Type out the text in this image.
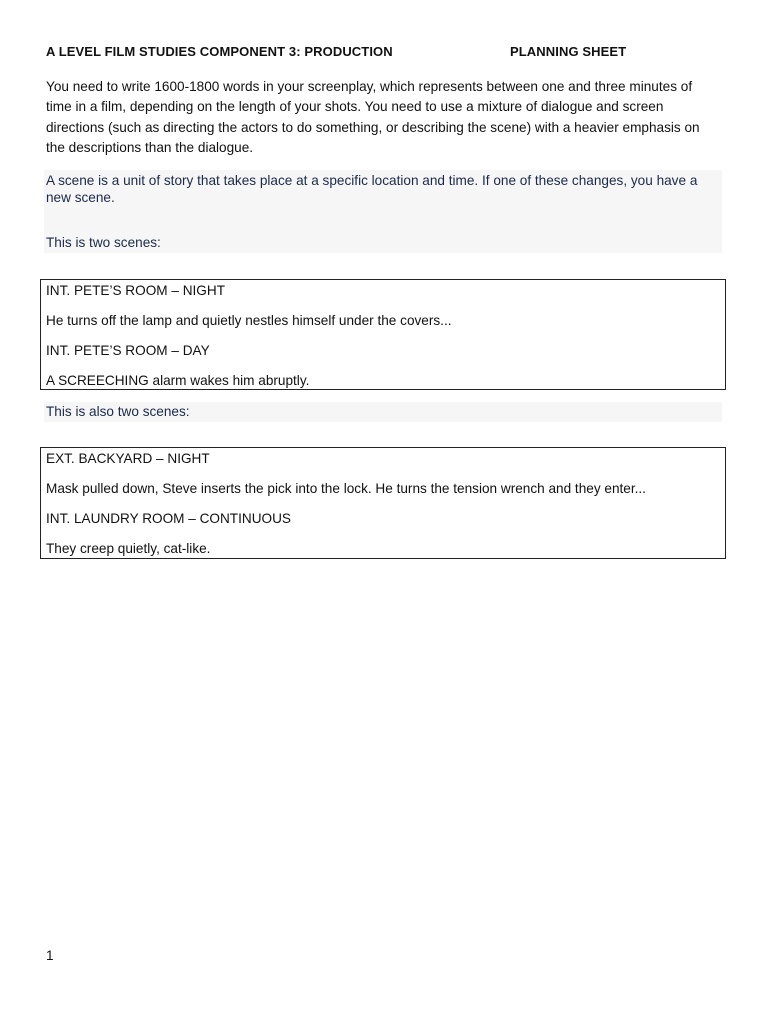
A LEVEL FILM STUDIES COMPONENT 3: PRODUCTION	PLANNING SHEET

You need to write 1600-1800 words in your screenplay, which represents between one and three minutes of time in a film, depending on the length of your shots. You need to use a mixture of dialogue and screen directions (such as directing the actors to do something, or describing the scene) with a heavier emphasis on the descriptions than the dialogue.

A scene is a unit of story that takes place at a specific location and time. If one of these changes, you have a new scene.

This is two scenes:

INT. PETE’S ROOM – NIGHT
He turns off the lamp and quietly nestles himself under the covers...
INT. PETE’S ROOM – DAY
A SCREECHING alarm wakes him abruptly.

This is also two scenes:

EXT. BACKYARD – NIGHT
Mask pulled down, Steve inserts the pick into the lock. He turns the tension wrench and they enter...
INT. LAUNDRY ROOM – CONTINUOUS
They creep quietly, cat-like.
1
